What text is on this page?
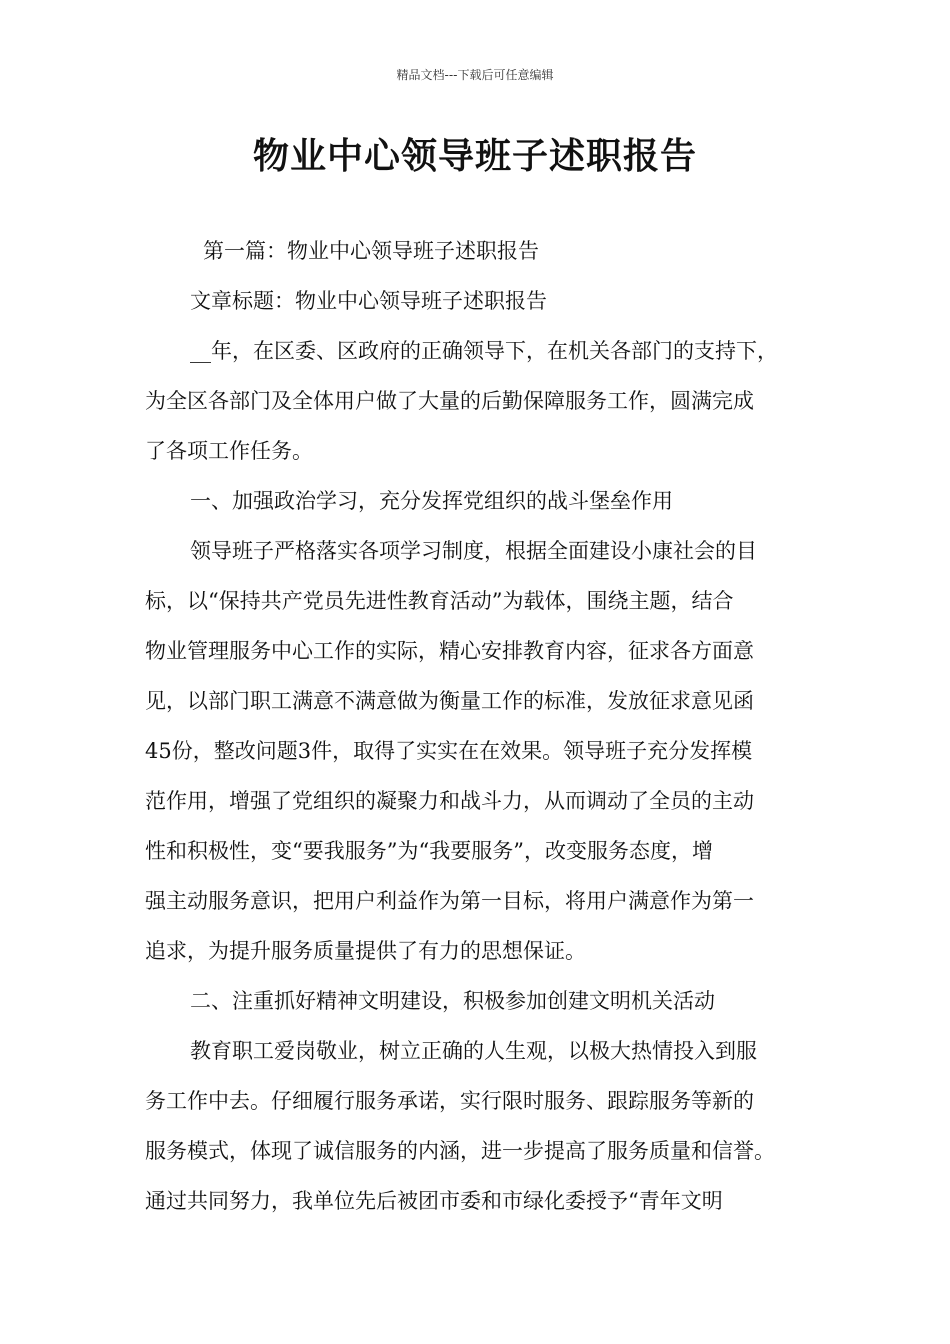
精品文档---下载后可任意编辑
物业中心领导班子述职报告
第一篇：物业中心领导班子述职报告
文章标题：物业中心领导班子述职报告
__年，在区委、区政府的正确领导下，在机关各部门的支持下，
为全区各部门及全体用户做了大量的后勤保障服务工作，圆满完成
了各项工作任务。
一、加强政治学习，充分发挥党组织的战斗堡垒作用
领导班子严格落实各项学习制度，根据全面建设小康社会的目
标，以“保持共产党员先进性教育活动”为载体，围绕主题，结合
物业管理服务中心工作的实际，精心安排教育内容，征求各方面意
见，以部门职工满意不满意做为衡量工作的标准，发放征求意见函
45份，整改问题3件，取得了实实在在效果。领导班子充分发挥模
范作用，增强了党组织的凝聚力和战斗力，从而调动了全员的主动
性和积极性，变“要我服务”为“我要服务”，改变服务态度，增
强主动服务意识，把用户利益作为第一目标，将用户满意作为第一
追求，为提升服务质量提供了有力的思想保证。
二、注重抓好精神文明建设，积极参加创建文明机关活动
教育职工爱岗敬业，树立正确的人生观，以极大热情投入到服
务工作中去。仔细履行服务承诺，实行限时服务、跟踪服务等新的
服务模式，体现了诚信服务的内涵，进一步提高了服务质量和信誉。
通过共同努力，我单位先后被团市委和市绿化委授予“青年文明
